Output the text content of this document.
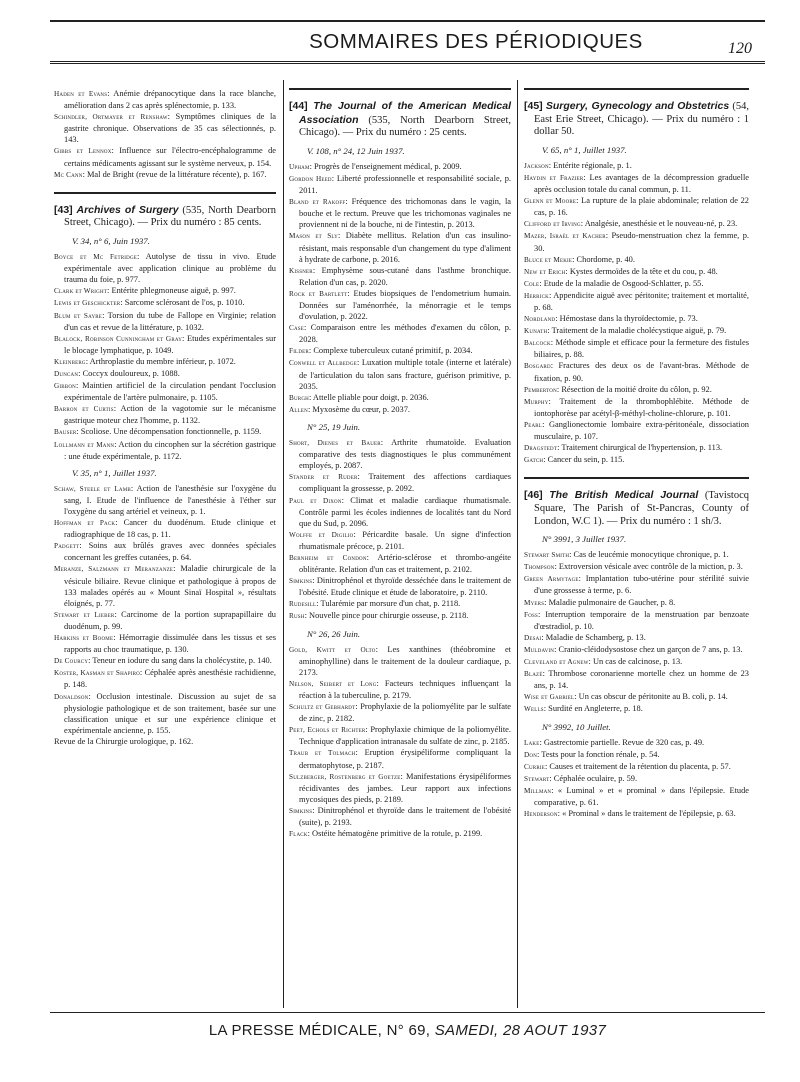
SOMMAIRES DES PÉRIODIQUES	120
Haden et Evans: Anémie drépanocytique dans la race blanche, amélioration dans 2 cas après splénectomie, p. 133.
Schindler, Ortmayer et Renshaw: Symptômes cliniques de la gastrite chronique. Observations de 35 cas sélectionnés, p. 143.
Gibbs et Lennox: Influence sur l'électro-encéphalogramme de certains médicaments agissant sur le système nerveux, p. 154.
Mc Cann: Mal de Bright (revue de la littérature récente), p. 167.
[43] Archives of Surgery (535, North Dearborn Street, Chicago). — Prix du numéro : 85 cents.
V. 34, n° 6, Juin 1937.
Boyce et Mc Fetridge: Autolyse de tissu in vivo. Etude expérimentale avec application clinique au problème du trauma du foie, p. 977.
Clark et Wright: Entérite phlegmoneuse aiguë, p. 997.
Lewis et Geschickter: Sarcome sclérosant de l'os, p. 1010.
Blum et Sayre: Torsion du tube de Fallope en Virginie; relation d'un cas et revue de la littérature, p. 1032.
Blalock, Robinson Cunningham et Gray: Etudes expérimentales sur le blocage lymphatique, p. 1049.
Kleinberg: Arthroplastie du membre inférieur, p. 1072.
Duncan: Coccyx douloureux, p. 1088.
Gibbon: Maintien artificiel de la circulation pendant l'occlusion expérimentale de l'artère pulmonaire, p. 1105.
Barron et Curtis: Action de la vagotomie sur le mécanisme gastrique moteur chez l'homme, p. 1132.
Bauser: Scoliose. Une décompensation fonctionnelle, p. 1159.
Lollmann et Mann: Action du cincophen sur la sécrétion gastrique : une étude expérimentale, p. 1172.
V. 35, n° 1, Juillet 1937.
Schaw, Steele et Lamb: Action de l'anesthésie sur l'oxygène du sang, I. Etude de l'influence de l'anesthésie à l'éther sur l'oxygène du sang artériel et veineux, p. 1.
Hoffman et Pack: Cancer du duodénum. Etude clinique et radiographique de 18 cas, p. 11.
Padgett: Soins aux brûlés graves avec données spéciales concernant les greffes cutanées, p. 64.
Meranze, Salzmann et Meranzanze: Maladie chirurgicale de la vésicule biliaire. Revue clinique et pathologique à propos de 133 malades opérés au « Mount Sinaï Hospital », résultats éloignés, p. 77.
Stewart et Lieber: Carcinome de la portion suprapapillaire du duodénum, p. 99.
Harkins et Boome: Hémorragie dissimulée dans les tissus et ses rapports au choc traumatique, p. 130.
De Courcy: Teneur en iodure du sang dans la cholécystite, p. 140.
Koster, Kasman et Shapiro: Céphalée après anesthésie rachidienne, p. 148.
Donaldson: Occlusion intestinale. Discussion au sujet de sa physiologie pathologique et de son traitement, basée sur une classification unique et sur une expérience clinique et expérimentale ancienne, p. 155.
Revue de la Chirurgie urologique, p. 162.
[44] The Journal of the American Medical Association (535, North Dearborn Street, Chicago). — Prix du numéro : 25 cents.
V. 108, n° 24, 12 Juin 1937.
Upham: Progrès de l'enseignement médical, p. 2009.
Gordon Heed: Liberté professionnelle et responsabilité sociale, p. 2011.
Bland et Rakoff: Fréquence des trichomonas dans le vagin, la bouche et le rectum. Preuve que les trichomonas vaginales ne proviennent ni de la bouche, ni de l'intestin, p. 2013.
Mason et Sly: Diabète mellitus. Relation d'un cas insulino-résistant, mais responsable d'un changement du type d'aliment à hydrate de carbone, p. 2016.
Kissner: Emphysème sous-cutané dans l'asthme bronchique. Relation d'un cas, p. 2020.
Rock et Bartlett: Etudes biopsiques de l'endometrium humain. Données sur l'aménorrhée, la ménorragie et le temps d'ovulation, p. 2022.
Case: Comparaison entre les méthodes d'examen du côlon, p. 2028.
Filder: Complexe tuberculeux cutané primitif, p. 2034.
Conwell et Allbedge: Luxation multiple totale (interne et latérale) de l'articulation du talon sans fracture, guérison primitive, p. 2035.
Burgh: Attelle pliable pour doigt, p. 2036.
Allen: Myxosème du cœur, p. 2037.
N° 25, 19 Juin.
Short, Dienes et Bauer: Arthrite rhumatoïde. Evaluation comparative des tests diagnostiques le plus communément employés, p. 2087.
Stander et Ruder: Traitement des affections cardiaques compliquant la grossesse, p. 2092.
Paul et Dixon: Climat et maladie cardiaque rhumatismale. Contrôle parmi les écoles indiennes de localités tant du Nord que du Sud, p. 2096.
Wolffe et Digilio: Péricardite basale. Un signe d'infection rhumatismale précoce, p. 2101.
Bernheim et Condon: Artério-sclérose et thrombo-angéite oblitérante. Relation d'un cas et traitement, p. 2102.
Simkins: Dinitrophénol et thyroïde desséchée dans le traitement de l'obésité. Etude clinique et étude de laboratoire, p. 2110.
Rudesill: Tularémie par morsure d'un chat, p. 2118.
Rush: Nouvelle pince pour chirurgie osseuse, p. 2118.
N° 26, 26 Juin.
Gold, Kwitt et Olto: Les xanthines (théobromine et aminophylline) dans le traitement de la douleur cardiaque, p. 2173.
Nelson, Seibert et Long: Facteurs techniques influençant la réaction à la tuberculine, p. 2179.
Schultz et Gebhardt: Prophylaxie de la poliomyélite par le sulfate de zinc, p. 2182.
Peet, Echols et Richter: Prophylaxie chimique de la poliomyélite. Technique d'application intranasale du sulfate de zinc, p. 2185.
Traub et Tolmach: Eruption érysipéliforme compliquant la dermatophytose, p. 2187.
Sulzberger, Rostenberg et Goetze: Manifestations érysipéliformes récidivantes des jambes. Leur rapport aux infections mycosiques des pieds, p. 2189.
Simkins: Dinitrophénol et thyroïde dans le traitement de l'obésité (suite), p. 2193.
Flack: Ostéite hématogène primitive de la rotule, p. 2199.
[45] Surgery, Gynecology and Obstetrics (54, East Erie Street, Chicago). — Prix du numéro : 1 dollar 50.
V. 65, n° 1, Juillet 1937.
Jackson: Entérite régionale, p. 1.
Haydin et Frazier: Les avantages de la décompression graduelle après occlusion totale du canal commun, p. 11.
Glenn et Moore: La rupture de la plaie abdominale; relation de 22 cas, p. 16.
Clifford et Irving: Analgésie, anesthésie et le nouveau-né, p. 23.
Mazer, Israël et Kacher: Pseudo-menstruation chez la femme, p. 30.
Bluce et Mekie: Chordome, p. 40.
New et Erich: Kystes dermoïdes de la tête et du cou, p. 48.
Cole: Etude de la maladie de Osgood-Schlatter, p. 55.
Herrick: Appendicite aiguë avec péritonite; traitement et mortalité, p. 68.
Nordland: Hémostase dans la thyroïdectomie, p. 73.
Kunath: Traitement de la maladie cholécystique aiguë, p. 79.
Balcock: Méthode simple et efficace pour la fermeture des fistules biliaires, p. 88.
Bosgard: Fractures des deux os de l'avant-bras. Méthode de fixation, p. 90.
Pemberton: Résection de la moitié droite du côlon, p. 92.
Murphy: Traitement de la thrombophlébite. Méthode de iontophorèse par acétyl-β-méthyl-choline-chlorure, p. 101.
Pearl: Ganglionectomie lombaire extra-péritonéale, dissociation musculaire, p. 107.
Dragstedt: Traitement chirurgical de l'hypertension, p. 113.
Gatch: Cancer du sein, p. 115.
[46] The British Medical Journal (Tavistocq Square, The Parish of St-Pancras, County of London, W.C 1). — Prix du numéro : 1 sh/3.
N° 3991, 3 Juillet 1937.
Stewart Smith: Cas de leucémie monocytique chronique, p. 1.
Thompson: Extroversion vésicale avec contrôle de la miction, p. 3.
Green Armytage: Implantation tubo-utérine pour stérilité suivie d'une grossesse à terme, p. 6.
Myers: Maladie pulmonaire de Gaucher, p. 8.
Foss: Interruption temporaire de la menstruation par benzoate d'œstradiol, p. 10.
Desai: Maladie de Schamberg, p. 13.
Muldavin: Cranio-cléidodysostose chez un garçon de 7 ans, p. 13.
Cleveland et Agnew: Un cas de calcinose, p. 13.
Blazé: Thrombose coronarienne mortelle chez un homme de 23 ans, p. 14.
Wise et Gabriel: Un cas obscur de péritonite au B. coli, p. 14.
Wells: Surdité en Angleterre, p. 18.
N° 3992, 10 Juillet.
Lake: Gastrectomie partielle. Revue de 320 cas, p. 49.
Don: Tests pour la fonction rénale, p. 54.
Currie: Causes et traitement de la rétention du placenta, p. 57.
Stewart: Céphalée oculaire, p. 59.
Millman: « Luminal » et « prominal » dans l'épilepsie. Etude comparative, p. 61.
Henderson: « Prominal » dans le traitement de l'épilepsie, p. 63.
LA PRESSE MÉDICALE, N° 69, SAMEDI, 28 AOUT 1937
